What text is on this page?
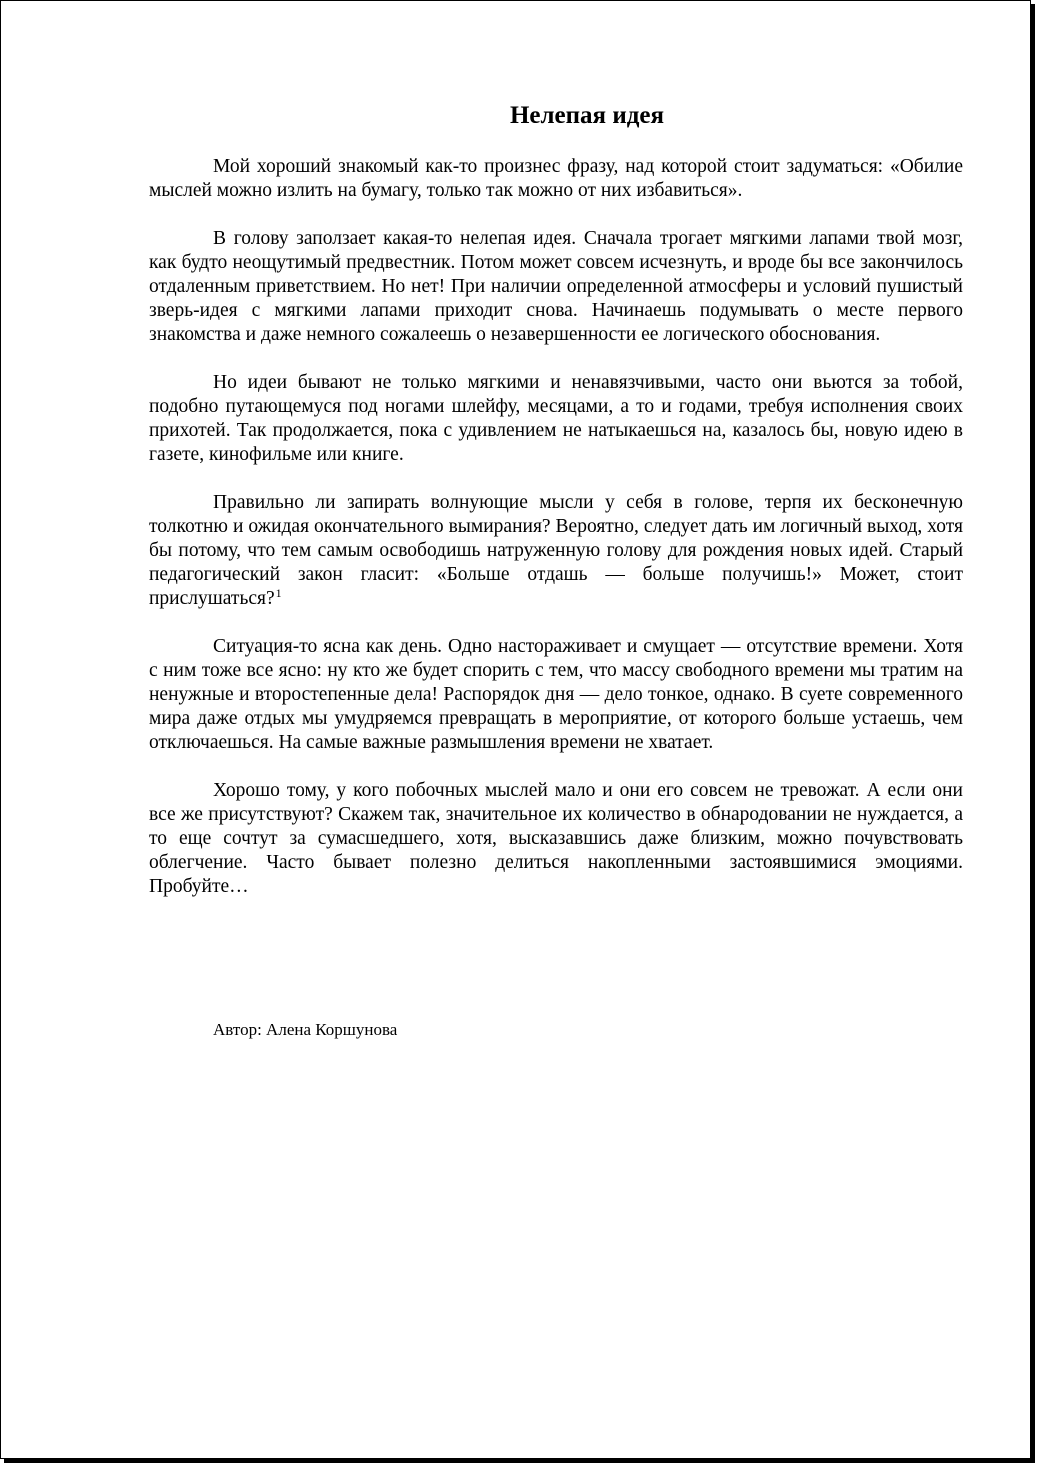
Нелепая идея

Мой хороший знакомый как-то произнес фразу, над которой стоит задуматься: «Обилие мыслей можно излить на бумагу, только так можно от них избавиться».

В голову заползает какая-то нелепая идея. Сначала трогает мягкими лапами твой мозг, как будто неощутимый предвестник. Потом может совсем исчезнуть, и вроде бы все закончилось отдаленным приветствием. Но нет! При наличии определенной атмосферы и условий пушистый зверь-идея с мягкими лапами приходит снова. Начинаешь подумывать о месте первого знакомства и даже немного сожалеешь о незавершенности ее логического обоснования.

Но идеи бывают не только мягкими и ненавязчивыми, часто они вьются за тобой, подобно путающемуся под ногами шлейфу, месяцами, а то и годами, требуя исполнения своих прихотей. Так продолжается, пока с удивлением не натыкаешься на, казалось бы, новую идею в газете, кинофильме или книге.

Правильно ли запирать волнующие мысли у себя в голове, терпя их бесконечную толкотню и ожидая окончательного вымирания? Вероятно, следует дать им логичный выход, хотя бы потому, что тем самым освободишь натруженную голову для рождения новых идей. Старый педагогический закон гласит: «Больше отдашь — больше получишь!» Может, стоит прислушаться?$^1$

Ситуация-то ясна как день. Одно настораживает и смущает — отсутствие времени. Хотя с ним тоже все ясно: ну кто же будет спорить с тем, что массу свободного времени мы тратим на ненужные и второстепенные дела! Распорядок дня — дело тонкое, однако. В суете современного мира даже отдых мы умудряемся превращать в мероприятие, от которого больше устаешь, чем отключаешься. На самые важные размышления времени не хватает.

Хорошо тому, у кого побочных мыслей мало и они его совсем не тревожат. А если они все же присутствуют? Скажем так, значительное их количество в обнародовании не нуждается, а то еще сочтут за сумасшедшего, хотя, высказавшись даже близким, можно почувствовать облегчение. Часто бывает полезно делиться накопленными застоявшимися эмоциями. Пробуйте…

Автор: Алена Коршунова
